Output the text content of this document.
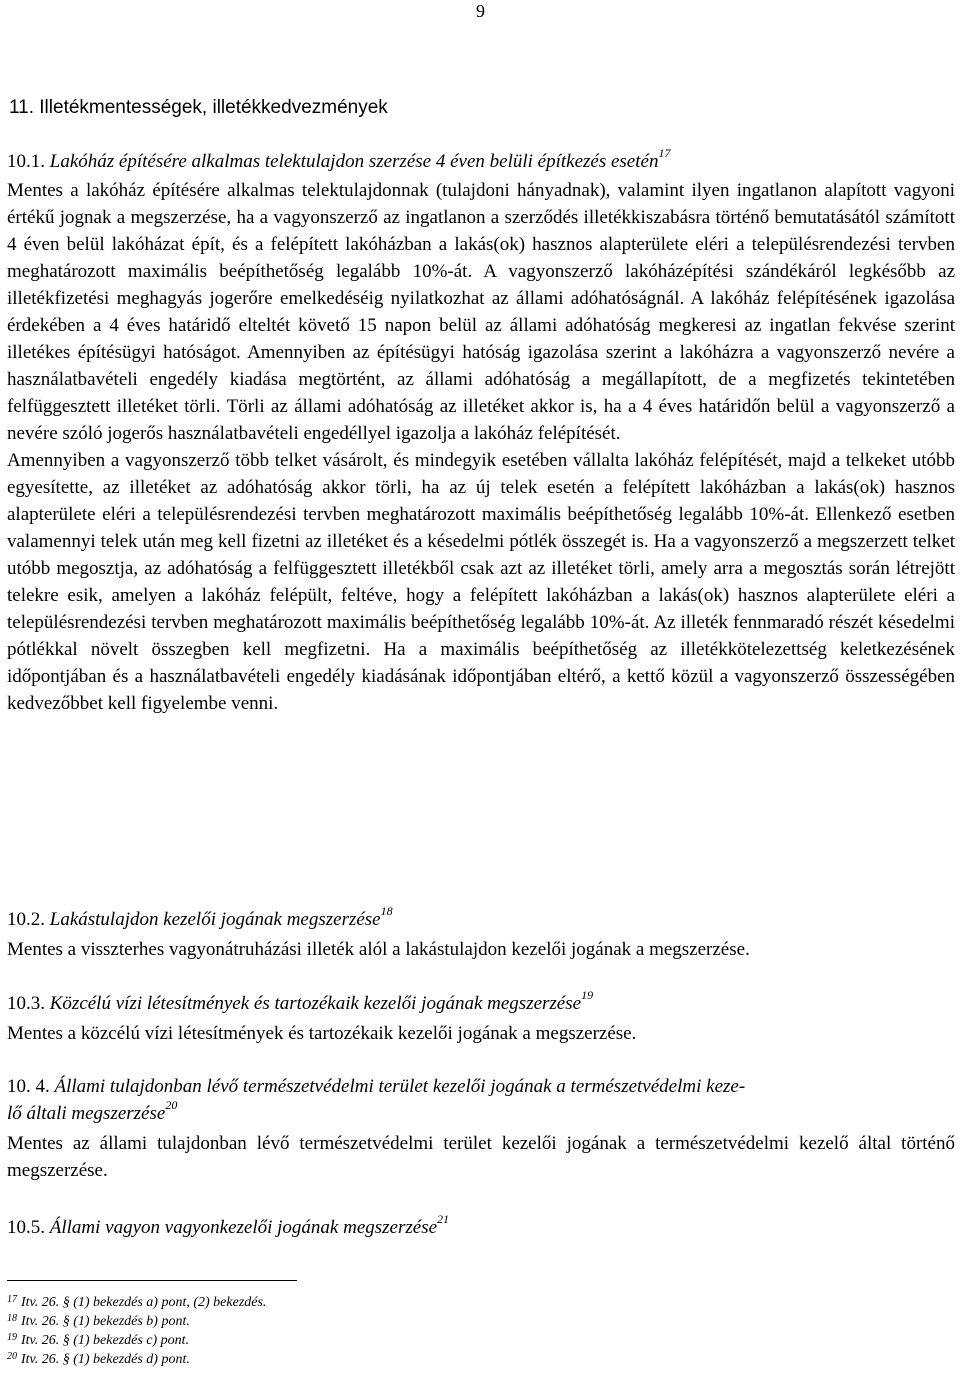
9
11. Illetékmentességek, illetékkedvezmények
10.1. Lakóház építésére alkalmas telektulajdon szerzése 4 éven belüli építkezés esetén$^{17}$

Mentes a lakóház építésére alkalmas telektulajdonnak (tulajdoni hányadnak), valamint ilyen ingatlanon alapított vagyoni értékű jognak a megszerzése, ha a vagyonszerző az ingatlanon a szerződés illetékkiszabásra történő bemutatásától számított 4 éven belül lakóházat épít, és a felépített lakóházban a lakás(ok) hasznos alapterülete eléri a településrendezési tervben meghatározott maximális beépíthetőség legalább 10%-át. A vagyonszerző lakóházépítési szándékáról legkésőbb az illetékfizetési meghagyás jogerőre emelkedéséig nyilatkozhat az állami adóhatóságnál. A lakóház felépítésének igazolása érdekében a 4 éves határidő elteltét követő 15 napon belül az állami adóhatóság megkeresi az ingatlan fekvése szerint illetékes építésügyi hatóságot. Amennyiben az építésügyi hatóság igazolása szerint a lakóházra a vagyonszerző nevére a használatbavételi engedély kiadása megtörtént, az állami adóhatóság a megállapított, de a megfizetés tekintetében felfüggesztett illetéket törli. Törli az állami adóhatóság az illetéket akkor is, ha a 4 éves határidőn belül a vagyonszerző a nevére szóló jogerős használatbavételi engedéllyel igazolja a lakóház felépítését.

Amennyiben a vagyonszerző több telket vásárolt, és mindegyik esetében vállalta lakóház felépítését, majd a telkeket utóbb egyesítette, az illetéket az adóhatóság akkor törli, ha az új telek esetén a felépített lakóházban a lakás(ok) hasznos alapterülete eléri a településrendezési tervben meghatározott maximális beépíthetőség legalább 10%-át. Ellenkező esetben valamennyi telek után meg kell fizetni az illetéket és a késedelmi pótlék összegét is. Ha a vagyonszerző a megszerzett telket utóbb megosztja, az adóhatóság a felfüggesztett illetékből csak azt az illetéket törli, amely arra a megosztás során létrejött telekre esik, amelyen a lakóház felépült, feltéve, hogy a felépített lakóházban a lakás(ok) hasznos alapterülete eléri a településrendezési tervben meghatározott maximális beépíthetőség legalább 10%-át. Az illeték fennmaradó részét késedelmi pótlékkal növelt összegben kell megfizetni. Ha a maximális beépíthetőség az illetékkötelezettség keletkezésének időpontjában és a használatbavételi engedély kiadásának időpontjában eltérő, a kettő közül a vagyonszerző összességében kedvezőbbet kell figyelembe venni.

10.2. Lakástulajdon kezelői jogának megszerzése$^{18}$

Mentes a visszterhes vagyonátruházási illeték alól a lakástulajdon kezelői jogának a megszerzése.

10.3. Közcélú vízi létesítmények és tartozékaik kezelői jogának megszerzése$^{19}$

Mentes a közcélú vízi létesítmények és tartozékaik kezelői jogának a megszerzése.

10. 4. Állami tulajdonban lévő természetvédelmi terület kezelői jogának a természetvédelmi keze-
lő általi megszerzése$^{20}$

Mentes az állami tulajdonban lévő természetvédelmi terület kezelői jogának a természetvédelmi kezelő által történő megszerzése.

10.5. Állami vagyon vagyonkezelői jogának megszerzése$^{21}$
$^{17}$ Itv. 26. § (1) bekezdés a) pont, (2) bekezdés.
$^{18}$ Itv. 26. § (1) bekezdés b) pont.
$^{19}$ Itv. 26. § (1) bekezdés c) pont.
$^{20}$ Itv. 26. § (1) bekezdés d) pont.
